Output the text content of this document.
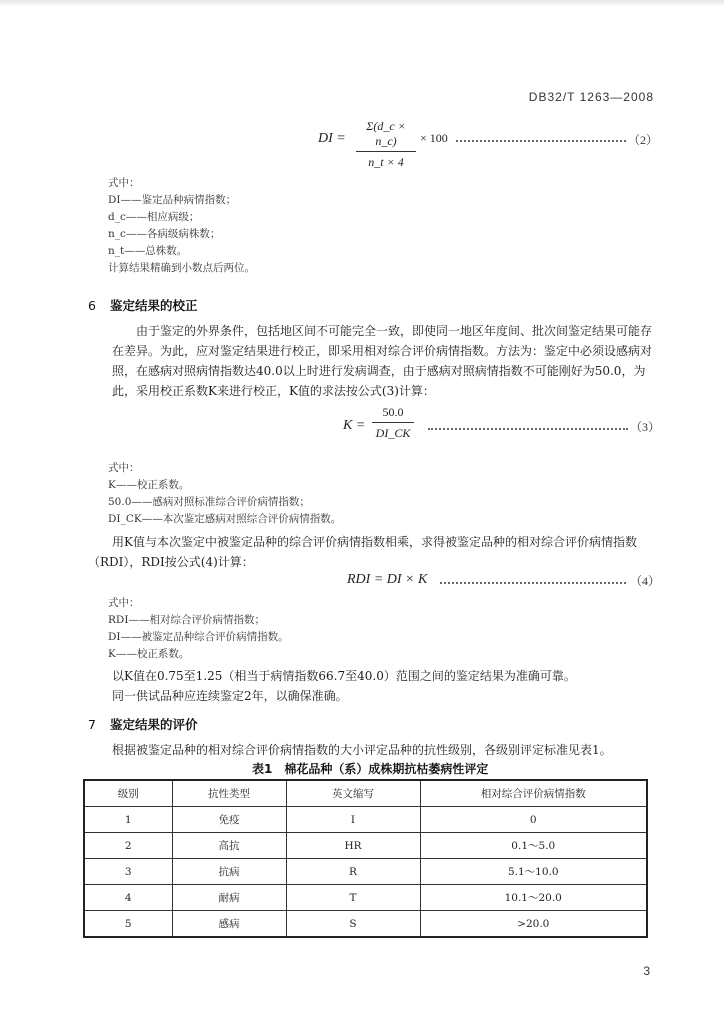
DB32/T 1263—2008
DI = $\frac{\Sigma(d\_c \times n\_c)}{n\_t \times 4} \times 100$	（2）
式中：
DI——鉴定品种病情指数；
d_c——相应病级；
n_c——各病级病株数；
n_t——总株数。
计算结果精确到小数点后两位。
6 鉴定结果的校正
由于鉴定的外界条件，包括地区间不可能完全一致，即使同一地区年度间、批次间鉴定结果可能存在差异。为此，应对鉴定结果进行校正，即采用相对综合评价病情指数。方法为：鉴定中必须设感病对照，在感病对照病情指数达40.0以上时进行发病调查，由于感病对照病情指数不可能刚好为50.0，为此，采用校正系数K来进行校正，K值的求法按公式(3)计算：
$K = \frac{50.0}{DI\_CK}$	（3）
式中：
K——校正系数。
50.0——感病对照标准综合评价病情指数；
DI_CK——本次鉴定感病对照综合评价病情指数。
用K值与本次鉴定中被鉴定品种的综合评价病情指数相乘，求得被鉴定品种的相对综合评价病情指数（RDI），RDI按公式(4)计算：
RDI = DI × K	（4）
式中：
RDI——相对综合评价病情指数；
DI——被鉴定品种综合评价病情指数。
K——校正系数。
以K值在0.75至1.25（相当于病情指数66.7至40.0）范围之间的鉴定结果为准确可靠。
同一供试品种应连续鉴定2年，以确保准确。
7 鉴定结果的评价
根据被鉴定品种的相对综合评价病情指数的大小评定品种的抗性级别，各级别评定标准见表1。
表1　棉花品种（系）成株期抗枯萎病性评定
级别	抗性类型	英文缩写	相对综合评价病情指数
1	免疫	I	0
2	高抗	HR	0.1～5.0
3	抗病	R	5.1～10.0
4	耐病	T	10.1～20.0
5	感病	S	>20.0
3
